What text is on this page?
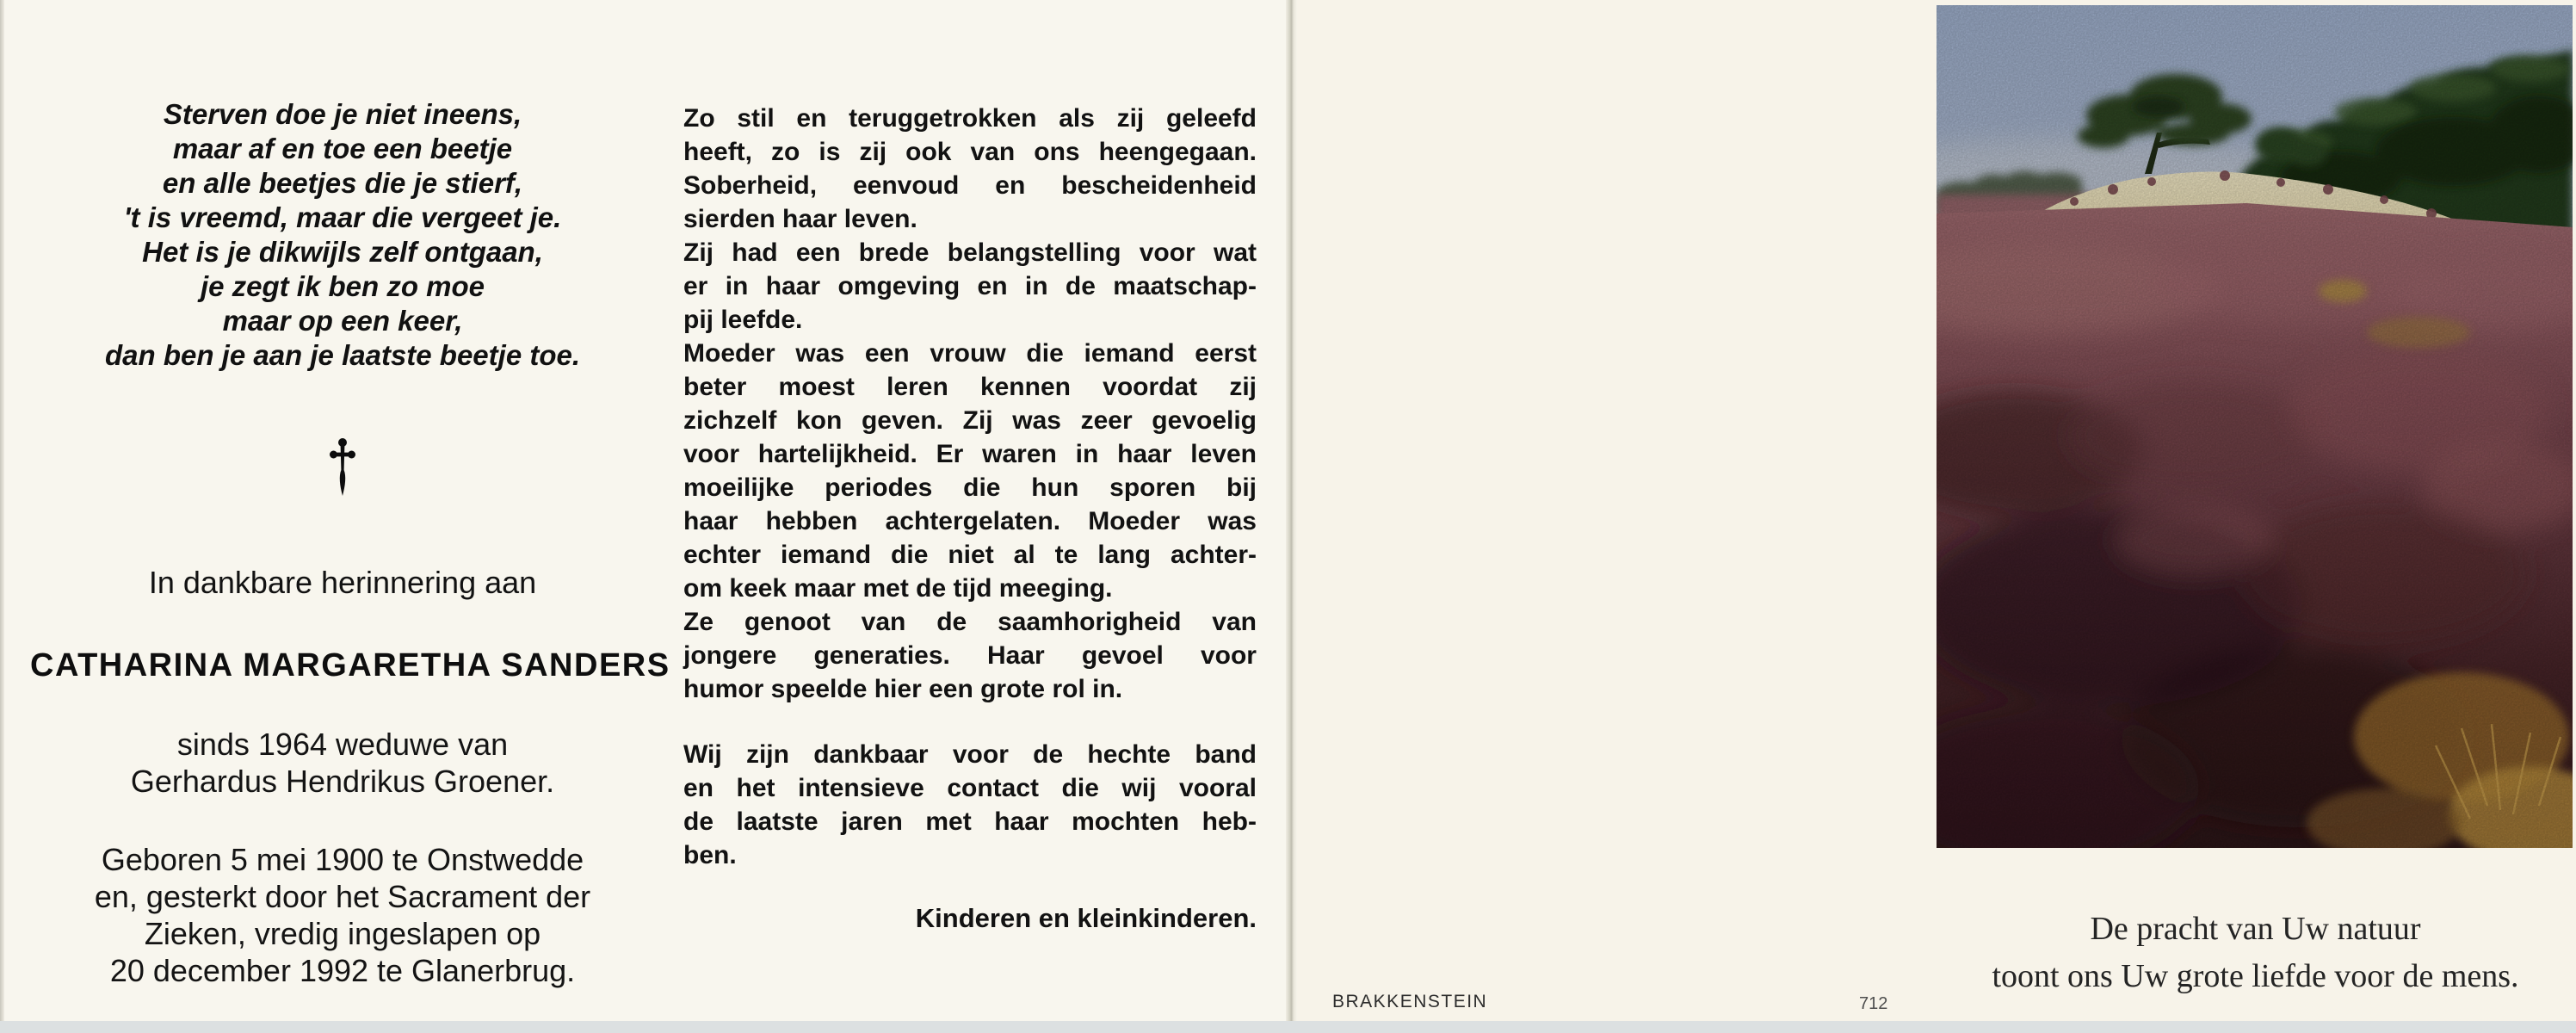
Sterven doe je niet ineens,
maar af en toe een beetje
en alle beetjes die je stierf,
't is vreemd, maar die vergeet je.
Het is je dikwijls zelf ontgaan,
je zegt ik ben zo moe
maar op een keer,
dan ben je aan je laatste beetje toe.
In dankbare herinnering aan
CATHARINA MARGARETHA SANDERS
sinds 1964 weduwe van
Gerhardus Hendrikus Groener.
Geboren 5 mei 1900 te Onstwedde
en, gesterkt door het Sacrament der
Zieken, vredig ingeslapen op
20 december 1992 te Glanerbrug.
Zo stil en teruggetrokken als zij geleefd
heeft, zo is zij ook van ons heengegaan.
Soberheid, eenvoud en bescheidenheid
sierden haar leven.
Zij had een brede belangstelling voor wat
er in haar omgeving en in de maatschap-
pij leefde.
Moeder was een vrouw die iemand eerst
beter moest leren kennen voordat zij
zichzelf kon geven. Zij was zeer gevoelig
voor hartelijkheid. Er waren in haar leven
moeilijke periodes die hun sporen bij
haar hebben achtergelaten. Moeder was
echter iemand die niet al te lang achter-
om keek maar met de tijd meeging.
Ze genoot van de saamhorigheid van
jongere generaties. Haar gevoel voor
humor speelde hier een grote rol in.
Wij zijn dankbaar voor de hechte band
en het intensieve contact die wij vooral
de laatste jaren met haar mochten heb-
ben.
Kinderen en kleinkinderen.
BRAKKENSTEIN	712
De pracht van Uw natuur
toont ons Uw grote liefde voor de mens.
